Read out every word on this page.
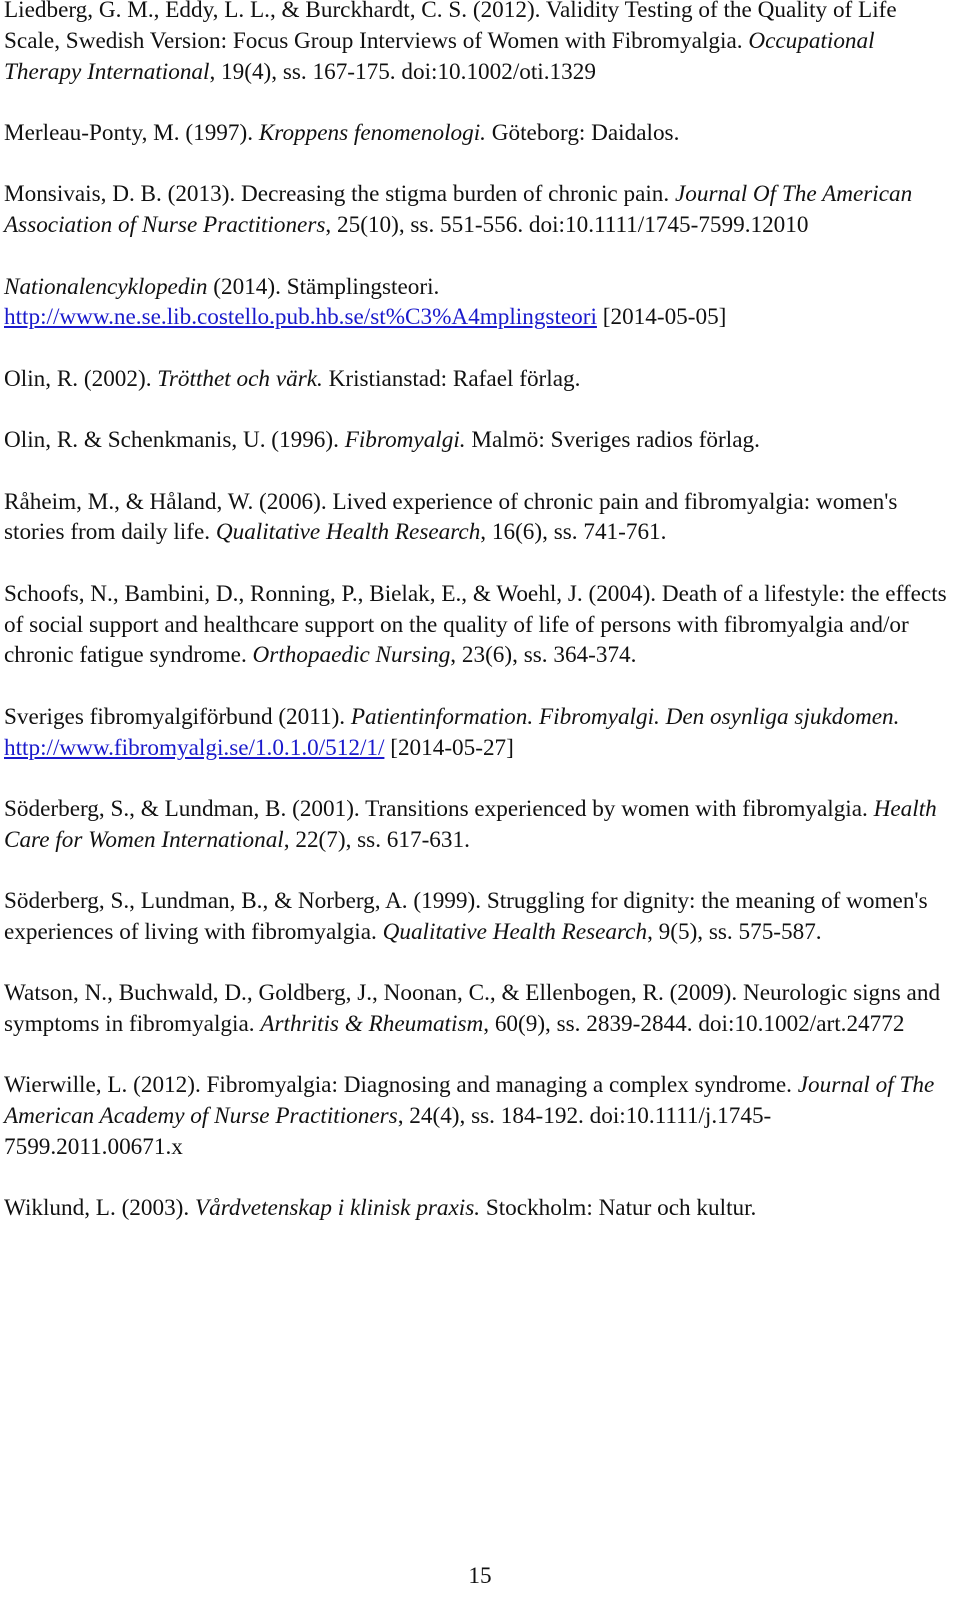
Liedberg, G. M., Eddy, L. L., & Burckhardt, C. S. (2012). Validity Testing of the Quality of Life Scale, Swedish Version: Focus Group Interviews of Women with Fibromyalgia. Occupational Therapy International, 19(4), ss. 167-175. doi:10.1002/oti.1329

Merleau-Ponty, M. (1997). Kroppens fenomenologi. Göteborg: Daidalos.

Monsivais, D. B. (2013). Decreasing the stigma burden of chronic pain. Journal Of The American Association of Nurse Practitioners, 25(10), ss. 551-556. doi:10.1111/1745-7599.12010

Nationalencyklopedin (2014). Stämplingsteori.
http://www.ne.se.lib.costello.pub.hb.se/st%C3%A4mplingsteori [2014-05-05]

Olin, R. (2002). Trötthet och värk. Kristianstad: Rafael förlag.

Olin, R. & Schenkmanis, U. (1996). Fibromyalgi. Malmö: Sveriges radios förlag.

Råheim, M., & Håland, W. (2006). Lived experience of chronic pain and fibromyalgia: women's stories from daily life. Qualitative Health Research, 16(6), ss. 741-761.

Schoofs, N., Bambini, D., Ronning, P., Bielak, E., & Woehl, J. (2004). Death of a lifestyle: the effects of social support and healthcare support on the quality of life of persons with fibromyalgia and/or chronic fatigue syndrome. Orthopaedic Nursing, 23(6), ss. 364-374.

Sveriges fibromyalgiförbund (2011). Patientinformation. Fibromyalgi. Den osynliga sjukdomen.
http://www.fibromyalgi.se/1.0.1.0/512/1/ [2014-05-27]

Söderberg, S., & Lundman, B. (2001). Transitions experienced by women with fibromyalgia. Health Care for Women International, 22(7), ss. 617-631.

Söderberg, S., Lundman, B., & Norberg, A. (1999). Struggling for dignity: the meaning of women's experiences of living with fibromyalgia. Qualitative Health Research, 9(5), ss. 575-587.

Watson, N., Buchwald, D., Goldberg, J., Noonan, C., & Ellenbogen, R. (2009). Neurologic signs and symptoms in fibromyalgia. Arthritis & Rheumatism, 60(9), ss. 2839-2844. doi:10.1002/art.24772

Wierwille, L. (2012). Fibromyalgia: Diagnosing and managing a complex syndrome. Journal of The American Academy of Nurse Practitioners, 24(4), ss. 184-192. doi:10.1111/j.1745-7599.2011.00671.x

Wiklund, L. (2003). Vårdvetenskap i klinisk praxis. Stockholm: Natur och kultur.

15
